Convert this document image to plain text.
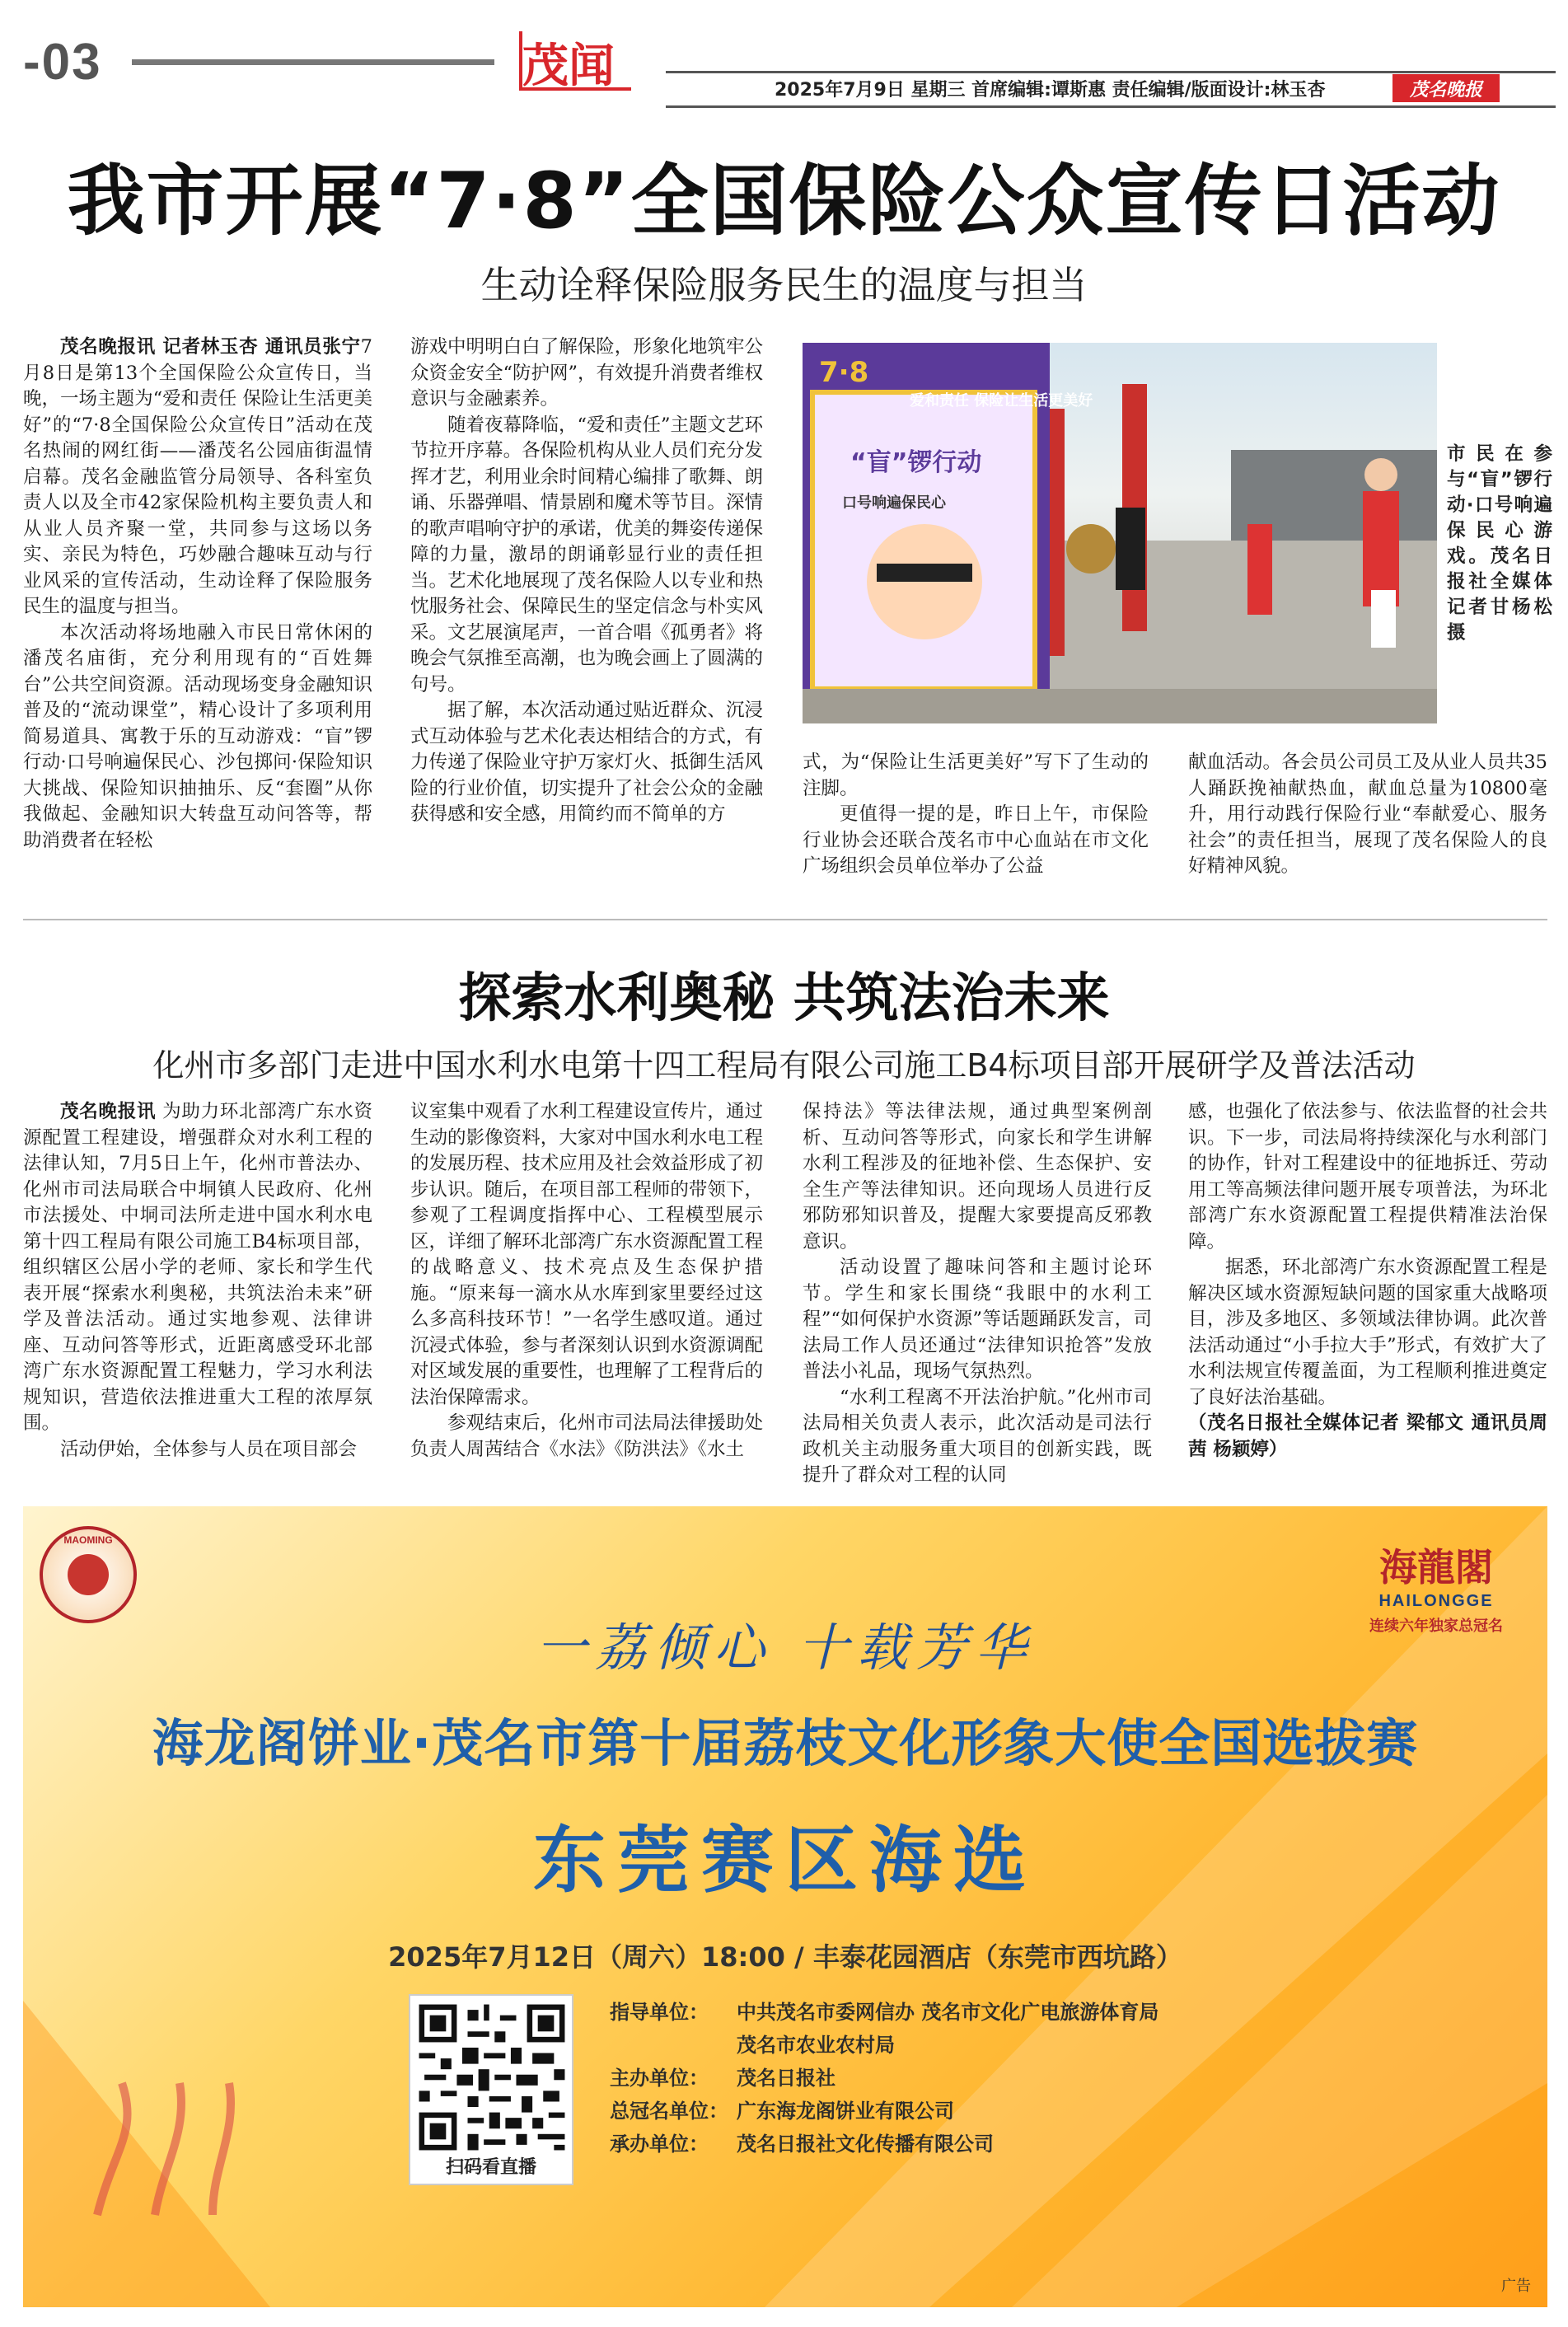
-03	茂闻	2025年7月9日 星期三 首席编辑:谭斯惠 责任编辑/版面设计:林玉杏	茂名晚报
我市开展“7·8”全国保险公众宣传日活动
生动诠释保险服务民生的温度与担当

茂名晚报讯 记者林玉杏 通讯员张宁7月8日是第13个全国保险公众宣传日，当晚，一场主题为“爱和责任 保险让生活更美好”的“7·8全国保险公众宣传日”活动在茂名热闹的网红街——潘茂名公园庙街温情启幕。茂名金融监管分局领导、各科室负责人以及全市42家保险机构主要负责人和从业人员齐聚一堂，共同参与这场以务实、亲民为特色，巧妙融合趣味互动与行业风采的宣传活动，生动诠释了保险服务民生的温度与担当。

本次活动将场地融入市民日常休闲的潘茂名庙街，充分利用现有的“百姓舞台”公共空间资源。活动现场变身金融知识普及的“流动课堂”，精心设计了多项利用简易道具、寓教于乐的互动游戏：“盲”锣行动·口号响遍保民心、沙包掷问·保险知识大挑战、保险知识抽抽乐、反“套圈”从你我做起、金融知识大转盘互动问答等，帮助消费者在轻松

游戏中明明白白了解保险，形象化地筑牢公众资金安全“防护网”，有效提升消费者维权意识与金融素养。

随着夜幕降临，“爱和责任”主题文艺环节拉开序幕。各保险机构从业人员们充分发挥才艺，利用业余时间精心编排了歌舞、朗诵、乐器弹唱、情景剧和魔术等节目。深情的歌声唱响守护的承诺，优美的舞姿传递保障的力量，激昂的朗诵彰显行业的责任担当。艺术化地展现了茂名保险人以专业和热忱服务社会、保障民生的坚定信念与朴实风采。文艺展演尾声，一首合唱《孤勇者》将晚会气氛推至高潮，也为晚会画上了圆满的句号。

据了解，本次活动通过贴近群众、沉浸式互动体验与艺术化表达相结合的方式，有力传递了保险业守护万家灯火、抵御生活风险的行业价值，切实提升了社会公众的金融获得感和安全感，用简约而不简单的方

爱和责任 保险让生活更美好
7·8
“盲”锣行动
口号响遍保民心
市民在参与“盲”锣行动·口号响遍保民心游戏。茂名日报社全媒体记者甘杨松 摄

式，为“保险让生活更美好”写下了生动的注脚。

更值得一提的是，昨日上午，市保险行业协会还联合茂名市中心血站在市文化广场组织会员单位举办了公益

献血活动。各会员公司员工及从业人员共35人踊跃挽袖献热血，献血总量为10800毫升，用行动践行保险行业“奉献爱心、服务社会”的责任担当，展现了茂名保险人的良好精神风貌。

探索水利奥秘 共筑法治未来
化州市多部门走进中国水利水电第十四工程局有限公司施工B4标项目部开展研学及普法活动

茂名晚报讯 为助力环北部湾广东水资源配置工程建设，增强群众对水利工程的法律认知，7月5日上午，化州市普法办、化州市司法局联合中垌镇人民政府、化州市法援处、中垌司法所走进中国水利水电第十四工程局有限公司施工B4标项目部，组织辖区公居小学的老师、家长和学生代表开展“探索水利奥秘，共筑法治未来”研学及普法活动。通过实地参观、法律讲座、互动问答等形式，近距离感受环北部湾广东水资源配置工程魅力，学习水利法规知识，营造依法推进重大工程的浓厚氛围。

活动伊始，全体参与人员在项目部会

议室集中观看了水利工程建设宣传片，通过生动的影像资料，大家对中国水利水电工程的发展历程、技术应用及社会效益形成了初步认识。随后，在项目部工程师的带领下，参观了工程调度指挥中心、工程模型展示区，详细了解环北部湾广东水资源配置工程的战略意义、技术亮点及生态保护措施。“原来每一滴水从水库到家里要经过这么多高科技环节！”一名学生感叹道。通过沉浸式体验，参与者深刻认识到水资源调配对区域发展的重要性，也理解了工程背后的法治保障需求。

参观结束后，化州市司法局法律援助处负责人周茜结合《水法》《防洪法》《水土

保持法》等法律法规，通过典型案例剖析、互动问答等形式，向家长和学生讲解水利工程涉及的征地补偿、生态保护、安全生产等法律知识。还向现场人员进行反邪防邪知识普及，提醒大家要提高反邪教意识。

活动设置了趣味问答和主题讨论环节。学生和家长围绕“我眼中的水利工程”“如何保护水资源”等话题踊跃发言，司法局工作人员还通过“法律知识抢答”发放普法小礼品，现场气氛热烈。

“水利工程离不开法治护航。”化州市司法局相关负责人表示，此次活动是司法行政机关主动服务重大项目的创新实践，既提升了群众对工程的认同

感，也强化了依法参与、依法监督的社会共识。下一步，司法局将持续深化与水利部门的协作，针对工程建设中的征地拆迁、劳动用工等高频法律问题开展专项普法，为环北部湾广东水资源配置工程提供精准法治保障。

据悉，环北部湾广东水资源配置工程是解决区域水资源短缺问题的国家重大战略项目，涉及多地区、多领域法律协调。此次普法活动通过“小手拉大手”形式，有效扩大了水利法规宣传覆盖面，为工程顺利推进奠定了良好法治基础。

（茂名日报社全媒体记者 梁郁文 通讯员周茜 杨颖婷）

MAOMING
海龍閣
HAILONGGE
连续六年独家总冠名
一荔倾心 十载芳华
海龙阁饼业·茂名市第十届荔枝文化形象大使全国选拔赛
东莞赛区海选
2025年7月12日（周六）18:00 / 丰泰花园酒店（东莞市西坑路）
扫码看直播
指导单位：	中共茂名市委网信办 茂名市文化广电旅游体育局
茂名市农业农村局
主办单位：	茂名日报社
总冠名单位： 广东海龙阁饼业有限公司
承办单位：	茂名日报社文化传播有限公司
广告
